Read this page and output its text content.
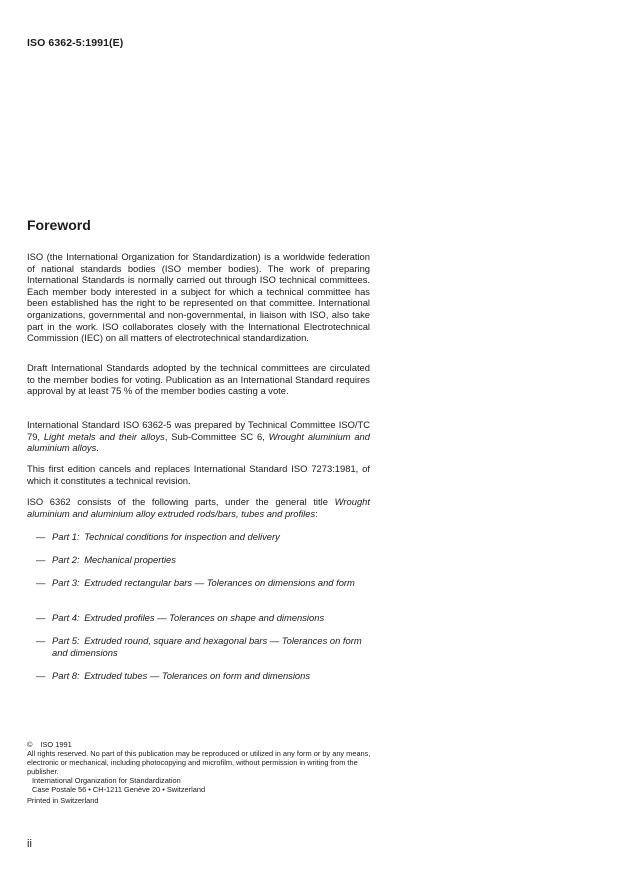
ISO 6362-5:1991(E)
Foreword
ISO (the International Organization for Standardization) is a worldwide federation of national standards bodies (ISO member bodies). The work of preparing International Standards is normally carried out through ISO technical committees. Each member body interested in a subject for which a technical committee has been established has the right to be represented on that committee. International organizations, governmental and non-governmental, in liaison with ISO, also take part in the work. ISO collaborates closely with the International Electrotechnical Commission (IEC) on all matters of electrotechnical standardization.
Draft International Standards adopted by the technical committees are circulated to the member bodies for voting. Publication as an International Standard requires approval by at least 75 % of the member bodies casting a vote.
International Standard ISO 6362-5 was prepared by Technical Committee ISO/TC 79, Light metals and their alloys, Sub-Committee SC 6, Wrought aluminium and aluminium alloys.
This first edition cancels and replaces International Standard ISO 7273:1981, of which it constitutes a technical revision.
ISO 6362 consists of the following parts, under the general title Wrought aluminium and aluminium alloy extruded rods/bars, tubes and profiles:
— Part 1: Technical conditions for inspection and delivery
— Part 2: Mechanical properties
— Part 3: Extruded rectangular bars — Tolerances on dimensions and form
— Part 4: Extruded profiles — Tolerances on shape and dimensions
— Part 5: Extruded round, square and hexagonal bars — Tolerances on form and dimensions
— Part 8: Extruded tubes — Tolerances on form and dimensions
© ISO 1991
All rights reserved. No part of this publication may be reproduced or utilized in any form or by any means, electronic or mechanical, including photocopying and microfilm, without permission in writing from the publisher.
International Organization for Standardization
Case Postale 56 • CH-1211 Genève 20 • Switzerland
Printed in Switzerland
ii
